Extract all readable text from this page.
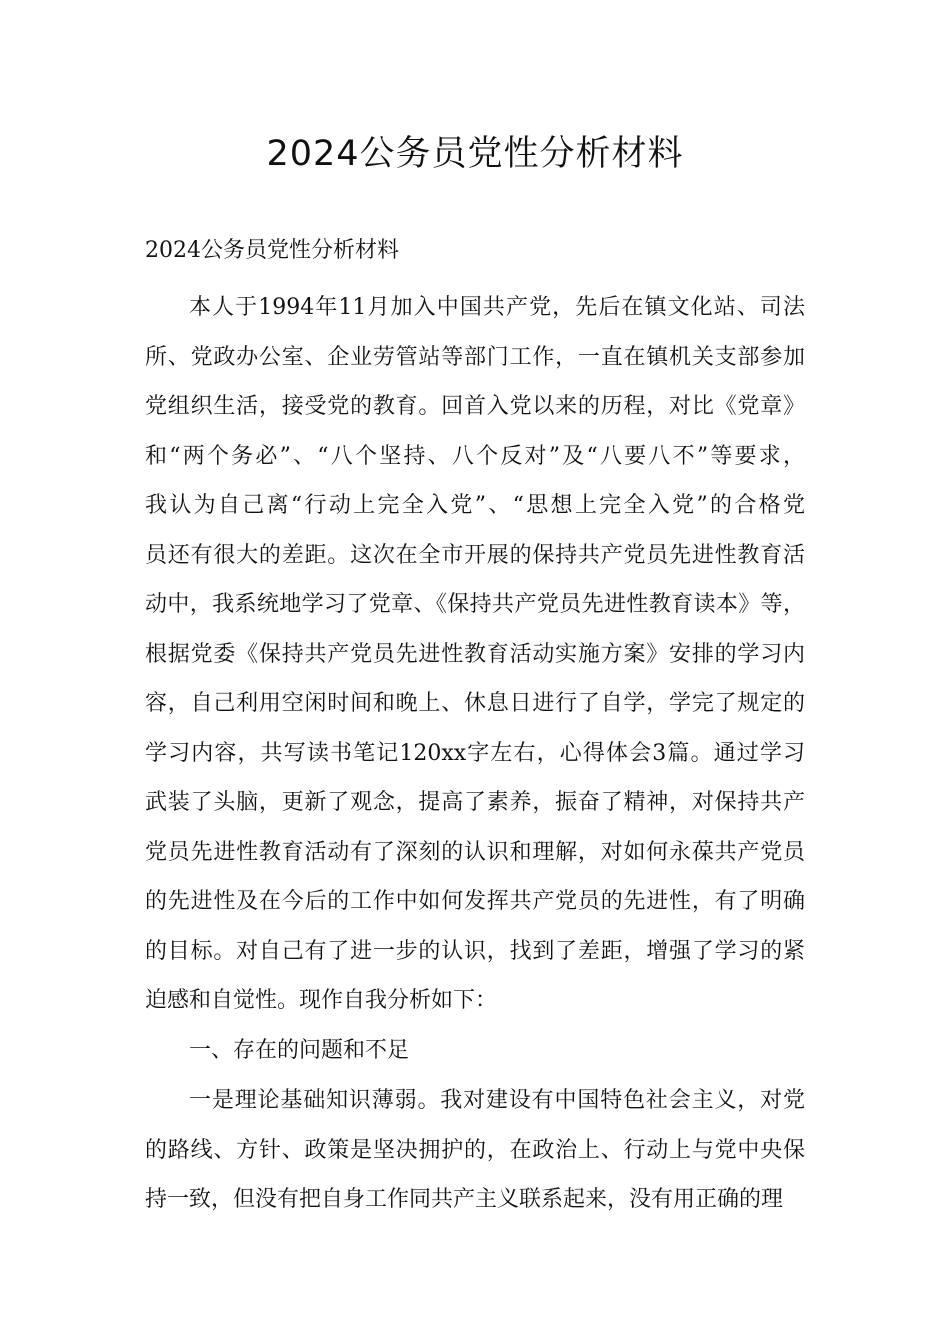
2024公务员党性分析材料
2024公务员党性分析材料
本人于1994年11月加入中国共产党，先后在镇文化站、司法
所、党政办公室、企业劳管站等部门工作，一直在镇机关支部参加
党组织生活，接受党的教育。回首入党以来的历程，对比《党章》
和“两个务必”、“八个坚持、八个反对”及“八要八不”等要求，
我认为自己离“行动上完全入党”、“思想上完全入党”的合格党
员还有很大的差距。这次在全市开展的保持共产党员先进性教育活
动中，我系统地学习了党章、《保持共产党员先进性教育读本》等，
根据党委《保持共产党员先进性教育活动实施方案》安排的学习内
容，自己利用空闲时间和晚上、休息日进行了自学，学完了规定的
学习内容，共写读书笔记120xx字左右，心得体会3篇。通过学习
武装了头脑，更新了观念，提高了素养，振奋了精神，对保持共产
党员先进性教育活动有了深刻的认识和理解，对如何永葆共产党员
的先进性及在今后的工作中如何发挥共产党员的先进性，有了明确
的目标。对自己有了进一步的认识，找到了差距，增强了学习的紧
迫感和自觉性。现作自我分析如下：
一、存在的问题和不足
一是理论基础知识薄弱。我对建设有中国特色社会主义，对党
的路线、方针、政策是坚决拥护的，在政治上、行动上与党中央保
持一致，但没有把自身工作同共产主义联系起来，没有用正确的理
